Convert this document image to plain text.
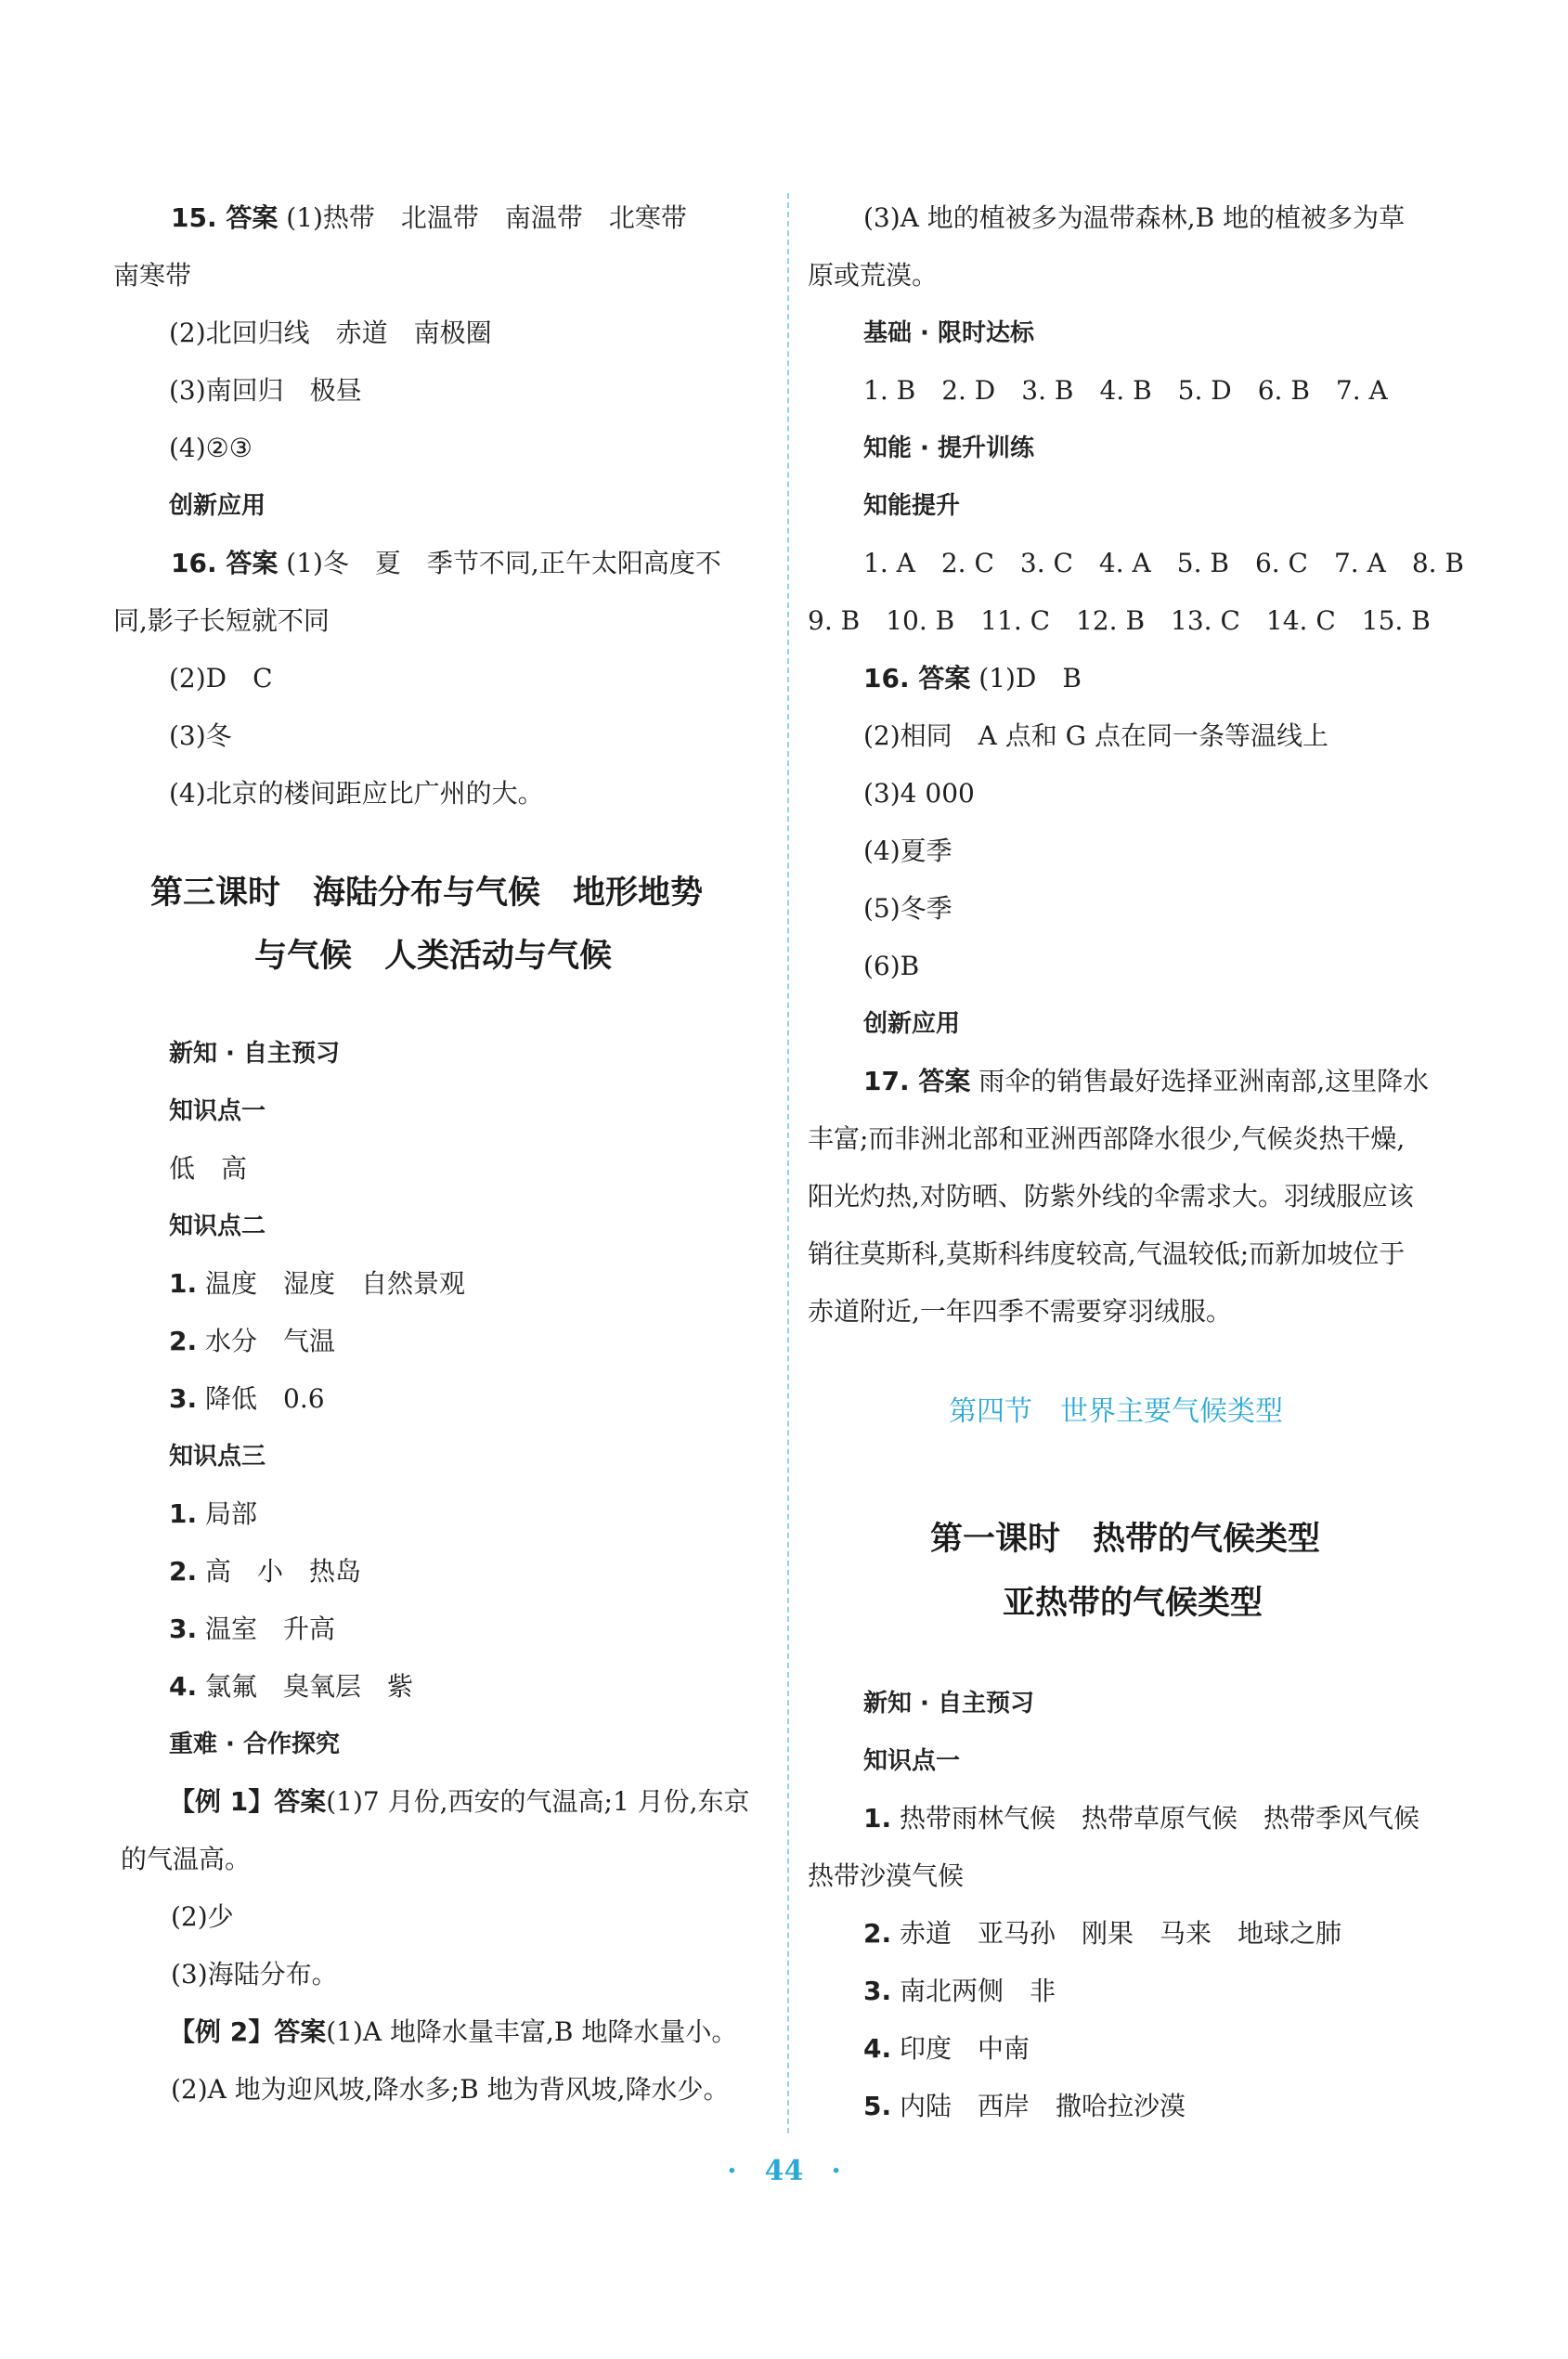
15. 答案 (1)热带　北温带　南温带　北寒带
南寒带
(2)北回归线　赤道　南极圈
(3)南回归　极昼
(4)②③
创新应用
16. 答案 (1)冬　夏　季节不同,正午太阳高度不
同,影子长短就不同
(2)D　C
(3)冬
(4)北京的楼间距应比广州的大。
第三课时　海陆分布与气候　地形地势
与气候　人类活动与气候
新知 · 自主预习
知识点一
低　高
知识点二
1. 温度　湿度　自然景观
2. 水分　气温
3. 降低　0.6
知识点三
1. 局部
2. 高　小　热岛
3. 温室　升高
4. 氯氟　臭氧层　紫
重难 · 合作探究
【例 1】答案(1)7 月份,西安的气温高;1 月份,东京
的气温高。
(2)少
(3)海陆分布。
【例 2】答案(1)A 地降水量丰富,B 地降水量小。
(2)A 地为迎风坡,降水多;B 地为背风坡,降水少。
(3)A 地的植被多为温带森林,B 地的植被多为草
原或荒漠。
基础 · 限时达标
1. B　2. D　3. B　4. B　5. D　6. B　7. A
知能 · 提升训练
知能提升
1. A　2. C　3. C　4. A　5. B　6. C　7. A　8. B
9. B　10. B　11. C　12. B　13. C　14. C　15. B
16. 答案 (1)D　B
(2)相同　A 点和 G 点在同一条等温线上
(3)4 000
(4)夏季
(5)冬季
(6)B
创新应用
17. 答案 雨伞的销售最好选择亚洲南部,这里降水
丰富;而非洲北部和亚洲西部降水很少,气候炎热干燥,
阳光灼热,对防晒、防紫外线的伞需求大。羽绒服应该
销往莫斯科,莫斯科纬度较高,气温较低;而新加坡位于
赤道附近,一年四季不需要穿羽绒服。
第四节　世界主要气候类型
第一课时　热带的气候类型
亚热带的气候类型
新知 · 自主预习
知识点一
1. 热带雨林气候　热带草原气候　热带季风气候
热带沙漠气候
2. 赤道　亚马孙　刚果　马来　地球之肺
3. 南北两侧　非
4. 印度　中南
5. 内陆　西岸　撒哈拉沙漠
·　44　·
